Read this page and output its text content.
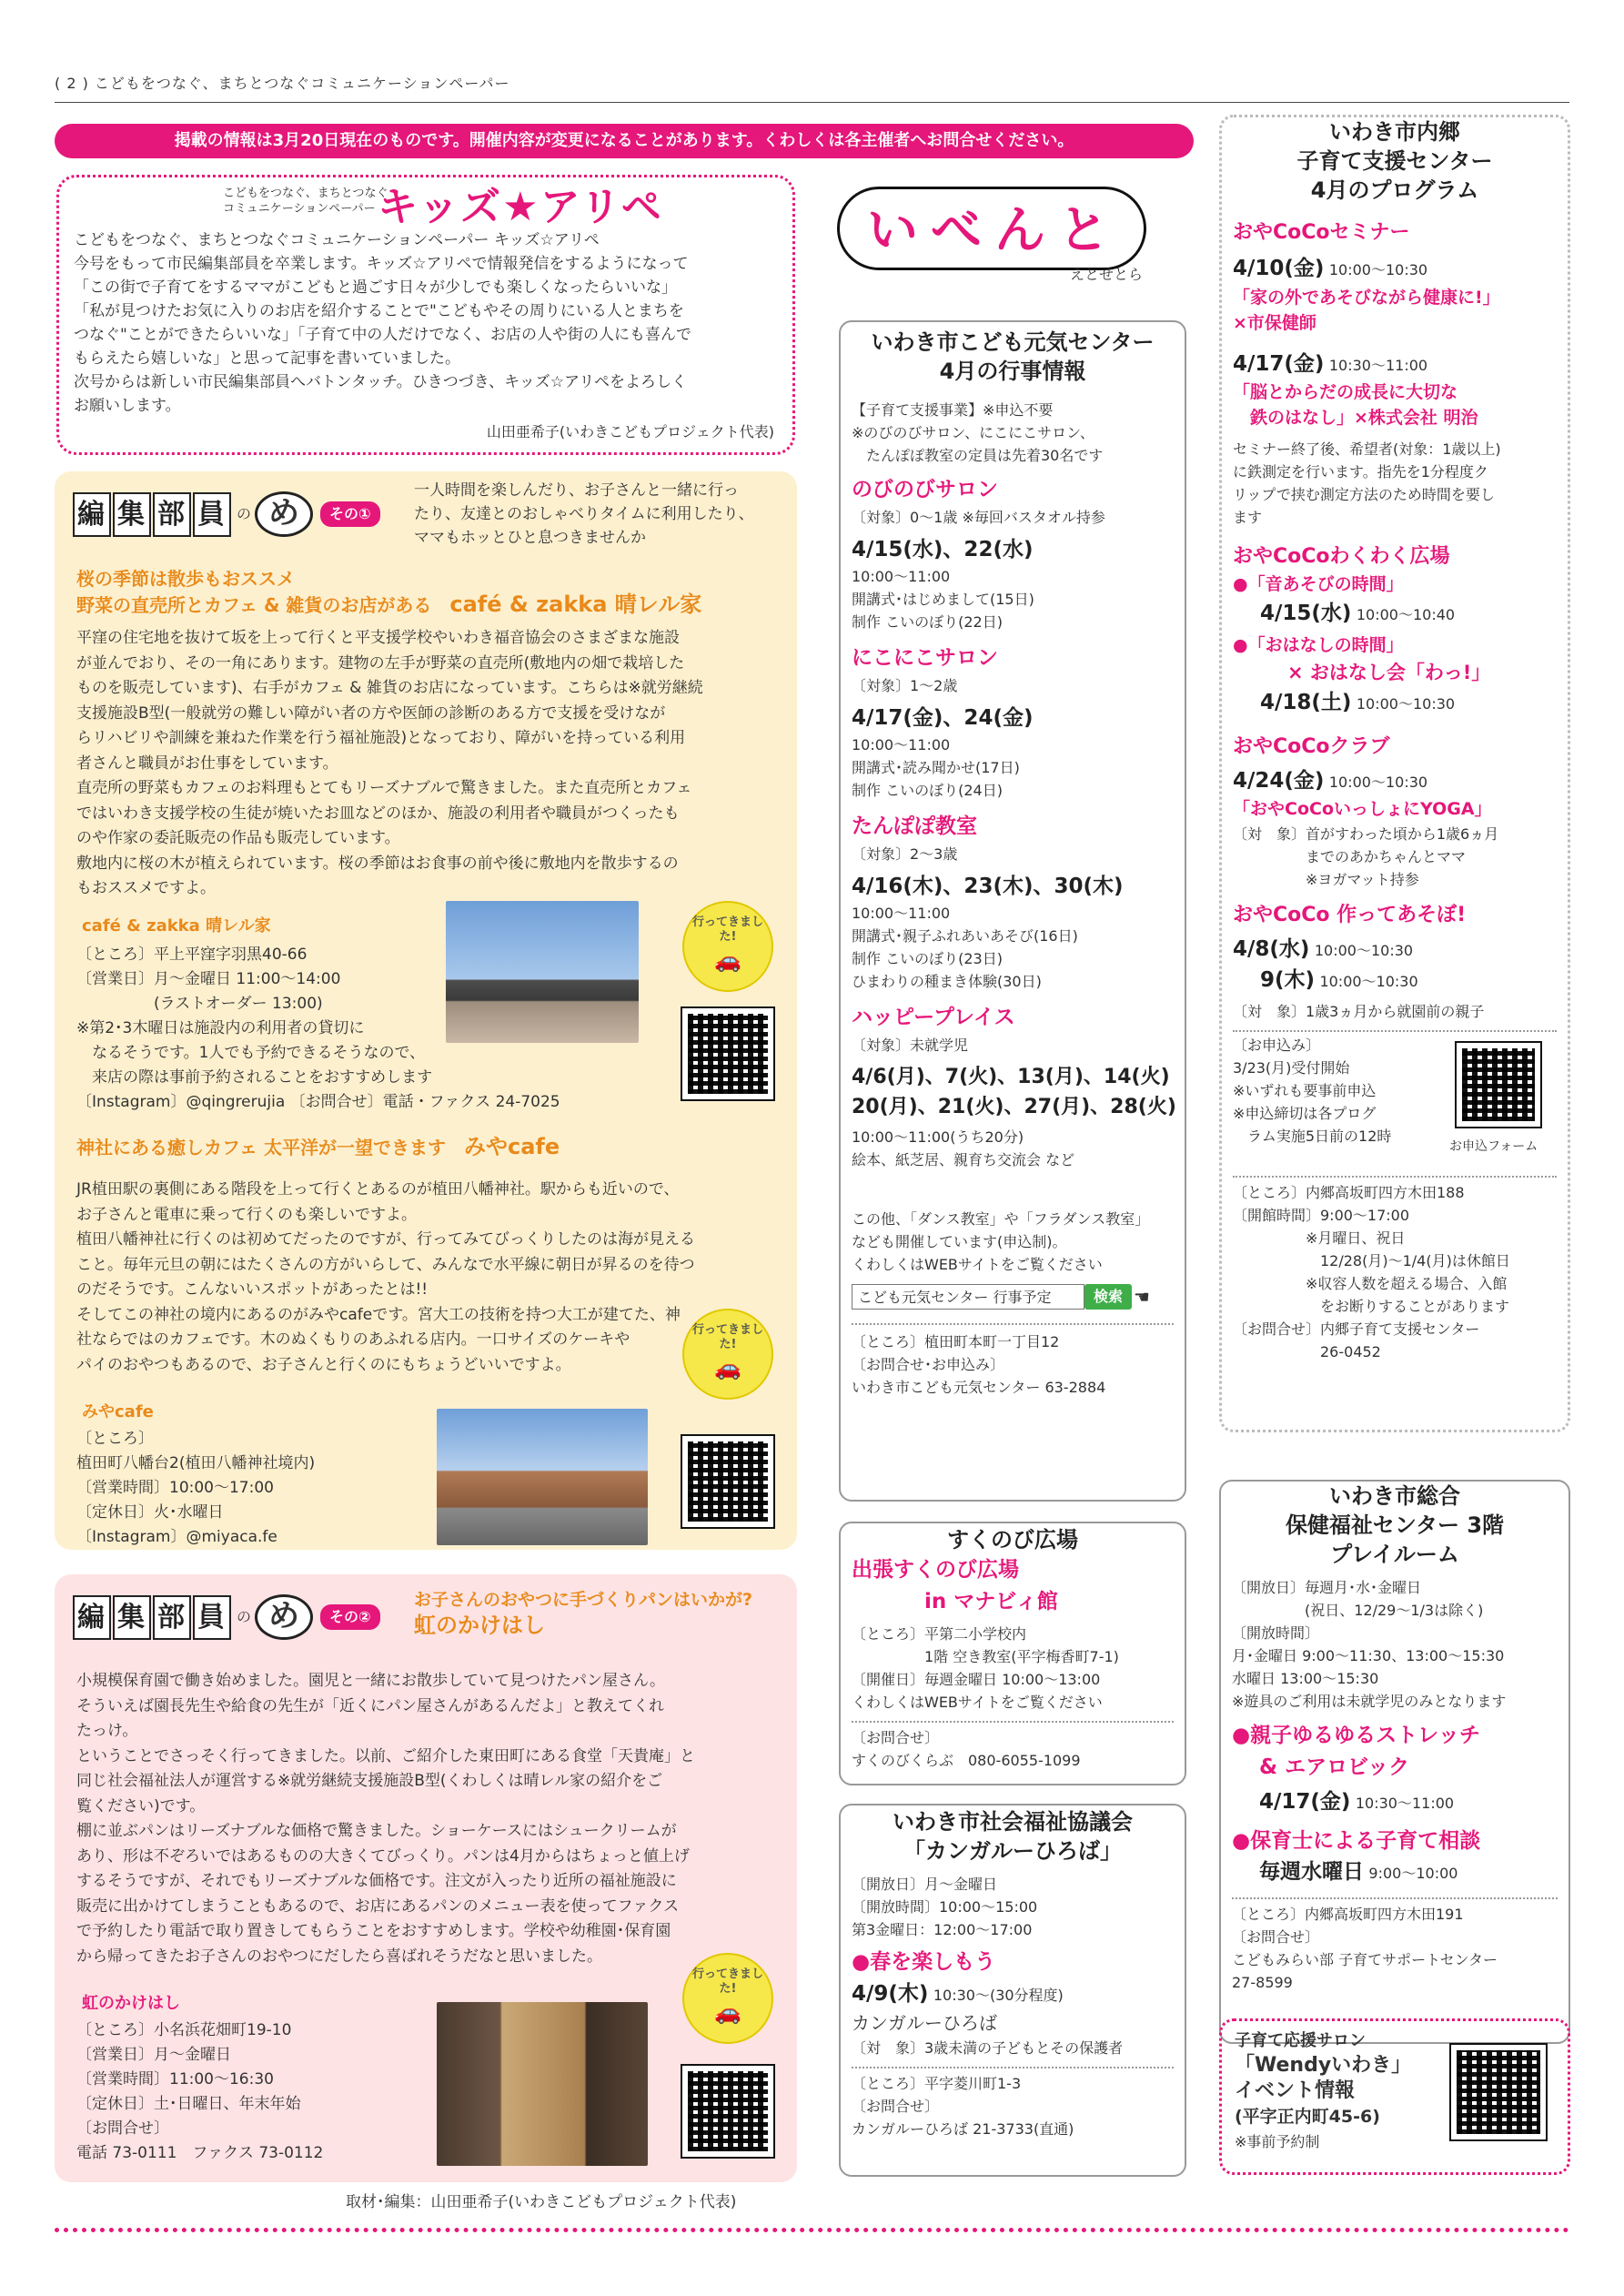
( 2 ) こどもをつなぐ、まちとつなぐコミュニケーションペーパー
掲載の情報は3月20日現在のものです。開催内容が変更になることがあります。くわしくは各主催者へお問合せください。
こどもをつなぐ、まちとつなぐ
コミュニケーションペーパー キッズ★アリペ
こどもをつなぐ、まちとつなぐコミュニケーションペーパー キッズ☆アリペ
今号をもって市民編集部員を卒業します。キッズ☆アリペで情報発信をするようになって
「この街で子育てをするママがこどもと過ごす日々が少しでも楽しくなったらいいな」
「私が見つけたお気に入りのお店を紹介することで"こどもやその周りにいる人とまちを
つなぐ"ことができたらいいな」「子育て中の人だけでなく、お店の人や街の人にも喜んで
もらえたら嬉しいな」と思って記事を書いていました。
次号からは新しい市民編集部員へバトンタッチ。ひきつづき、キッズ☆アリペをよろしく
お願いします。
山田亜希子(いわきこどもプロジェクト代表)
編 集 部 員 の め	その①
一人時間を楽しんだり、お子さんと一緒に行っ
たり、友達とのおしゃべりタイムに利用したり、
ママもホッとひと息つきませんか
桜の季節は散歩もおススメ
野菜の直売所とカフェ & 雑貨のお店がある　 café & zakka 晴レル家
平窪の住宅地を抜けて坂を上って行くと平支援学校やいわき福音協会のさまざまな施設
が並んでおり、その一角にあります。建物の左手が野菜の直売所(敷地内の畑で栽培した
ものを販売しています)、右手がカフェ & 雑貨のお店になっています。こちらは※就労継続
支援施設B型(一般就労の難しい障がい者の方や医師の診断のある方で支援を受けなが
らリハビリや訓練を兼ねた作業を行う福祉施設)となっており、障がいを持っている利用
者さんと職員がお仕事をしています。
直売所の野菜もカフェのお料理もとてもリーズナブルで驚きました。また直売所とカフェ
ではいわき支援学校の生徒が焼いたお皿などのほか、施設の利用者や職員がつくったも
のや作家の委託販売の作品も販売しています。
敷地内に桜の木が植えられています。桜の季節はお食事の前や後に敷地内を散歩するの
もおススメですよ。
café & zakka 晴レル家
〔ところ〕平上平窪字羽黒40-66
〔営業日〕月～金曜日 11:00～14:00
　　　　　(ラストオーダー 13:00)
※第2･3木曜日は施設内の利用者の貸切に
　なるそうです。1人でも予約できるそうなので、
　来店の際は事前予約されることをおすすめします
〔Instagram〕@qingrerujia 〔お問合せ〕電話・ファクス 24-7025
行ってきました!
🚗
神社にある癒しカフェ 太平洋が一望できます　 みやcafe
JR植田駅の裏側にある階段を上って行くとあるのが植田八幡神社。駅からも近いので、
お子さんと電車に乗って行くのも楽しいですよ。
植田八幡神社に行くのは初めてだったのですが、行ってみてびっくりしたのは海が見える
こと。毎年元旦の朝にはたくさんの方がいらして、みんなで水平線に朝日が昇るのを待つ
のだそうです。こんないいスポットがあったとは!!
そしてこの神社の境内にあるのがみやcafeです。宮大工の技術を持つ大工が建てた、神
社ならではのカフェです。木のぬくもりのあふれる店内。一口サイズのケーキや
パイのおやつもあるので、お子さんと行くのにもちょうどいいですよ。
みやcafe
〔ところ〕
植田町八幡台2(植田八幡神社境内)
〔営業時間〕10:00～17:00
〔定休日〕火･水曜日
〔Instagram〕@miyaca.fe
行ってきました!
🚗
編 集 部 員 の め	その②
お子さんのおやつに手づくりパンはいかが?
虹のかけはし
小規模保育園で働き始めました。園児と一緒にお散歩していて見つけたパン屋さん。
そういえば園長先生や給食の先生が「近くにパン屋さんがあるんだよ」と教えてくれ
たっけ。
ということでさっそく行ってきました。以前、ご紹介した東田町にある食堂「天貴庵」と
同じ社会福祉法人が運営する※就労継続支援施設B型(くわしくは晴レル家の紹介をご
覧ください)です。
棚に並ぶパンはリーズナブルな価格で驚きました。ショーケースにはシュークリームが
あり、形は不ぞろいではあるものの大きくてびっくり。パンは4月からはちょっと値上げ
するそうですが、それでもリーズナブルな価格です。注文が入ったり近所の福祉施設に
販売に出かけてしまうこともあるので、お店にあるパンのメニュー表を使ってファクス
で予約したり電話で取り置きしてもらうことをおすすめします。学校や幼稚園･保育園
から帰ってきたお子さんのおやつにだしたら喜ばれそうだなと思いました。
虹のかけはし
〔ところ〕小名浜花畑町19-10
〔営業日〕月～金曜日
〔営業時間〕11:00～16:30
〔定休日〕土･日曜日、年末年始
〔お問合せ〕
電話 73-0111　ファクス 73-0112
行ってきました!
🚗
取材･編集：山田亜希子(いわきこどもプロジェクト代表)
いべんと
えとせとら
いわき市こども元気センター
4月の行事情報
【子育て支援事業】※申込不要
※のびのびサロン、にこにこサロン、
　たんぽぽ教室の定員は先着30名です
のびのびサロン
〔対象〕0～1歳 ※毎回バスタオル持参
4/15(水)、22(水)
10:00～11:00
開講式･はじめまして(15日)
制作 こいのぼり(22日)
にこにこサロン
〔対象〕1～2歳
4/17(金)、24(金)
10:00～11:00
開講式･読み聞かせ(17日)
制作 こいのぼり(24日)
たんぽぽ教室
〔対象〕2～3歳
4/16(木)、23(木)、30(木)
10:00～11:00
開講式･親子ふれあいあそび(16日)
制作 こいのぼり(23日)
ひまわりの種まき体験(30日)
ハッピープレイス
〔対象〕未就学児
4/6(月)、7(火)、13(月)、14(火)
20(月)、21(火)、27(月)、28(火)
10:00～11:00(うち20分)
絵本、紙芝居、親育ち交流会 など
この他、「ダンス教室」や「フラダンス教室」
なども開催しています(申込制)。
くわしくはWEBサイトをご覧ください
こども元気センター 行事予定	検索 ☚
〔ところ〕植田町本町一丁目12
〔お問合せ･お申込み〕
いわき市こども元気センター 63-2884
すくのび広場
出張すくのび広場
in マナビィ館
〔ところ〕平第二小学校内
　　　　　1階 空き教室(平字梅香町7-1)
〔開催日〕毎週金曜日 10:00～13:00
くわしくはWEBサイトをご覧ください
〔お問合せ〕
すくのびくらぶ　080-6055-1099
いわき市社会福祉協議会
「カンガルーひろば」
〔開放日〕月～金曜日
〔開放時間〕10:00～15:00
第3金曜日：12:00～17:00
●春を楽しもう
4/9(木) 10:30～(30分程度)
カンガルーひろば
〔対　象〕3歳未満の子どもとその保護者
〔ところ〕平字菱川町1-3
〔お問合せ〕
カンガルーひろば 21-3733(直通)
いわき市内郷
子育て支援センター
4月のプログラム
おやCoCoセミナー
4/10(金) 10:00～10:30
「家の外であそびながら健康に!」
×市保健師
4/17(金) 10:30～11:00
「脳とからだの成長に大切な
　鉄のはなし」×株式会社 明治
セミナー終了後、希望者(対象：1歳以上)
に鉄測定を行います。指先を1分程度ク
リップで挟む測定方法のため時間を要し
ます
おやCoCoわくわく広場
●「音あそびの時間」
4/15(水) 10:00～10:40
●「おはなしの時間」
× おはなし会「わっ!」
4/18(土) 10:00～10:30
おやCoCoクラブ
4/24(金) 10:00～10:30
「おやCoCoいっしょにYOGA」
〔対　象〕首がすわった頃から1歳6ヵ月
　　　　　までのあかちゃんとママ
　　　　　※ヨガマット持参
おやCoCo 作ってあそぼ!
4/8(水) 10:00～10:30
9(木) 10:00～10:30
〔対　象〕1歳3ヵ月から就園前の親子
〔お申込み〕
3/23(月)受付開始
※いずれも要事前申込
※申込締切は各プログ
　ラム実施5日前の12時
お申込フォーム
〔ところ〕内郷高坂町四方木田188
〔開館時間〕9:00～17:00
　　　　　※月曜日、祝日
　　　　　　12/28(月)～1/4(月)は休館日
　　　　　※収容人数を超える場合、入館
　　　　　　をお断りすることがあります
〔お問合せ〕内郷子育て支援センター
　　　　　　26-0452
いわき市総合
保健福祉センター 3階
プレイルーム
〔開放日〕毎週月･水･金曜日
　　　　　(祝日、12/29～1/3は除く)
〔開放時間〕
月･金曜日 9:00～11:30、13:00～15:30
水曜日 13:00～15:30
※遊具のご利用は未就学児のみとなります
●親子ゆるゆるストレッチ
& エアロビック
4/17(金) 10:30～11:00
●保育士による子育て相談
毎週水曜日 9:00～10:00
〔ところ〕内郷高坂町四方木田191
〔お問合せ〕
こどもみらい部 子育てサポートセンター
27-8599
子育て応援サロン
「Wendyいわき」
イベント情報
(平字正内町45-6)
※事前予約制
